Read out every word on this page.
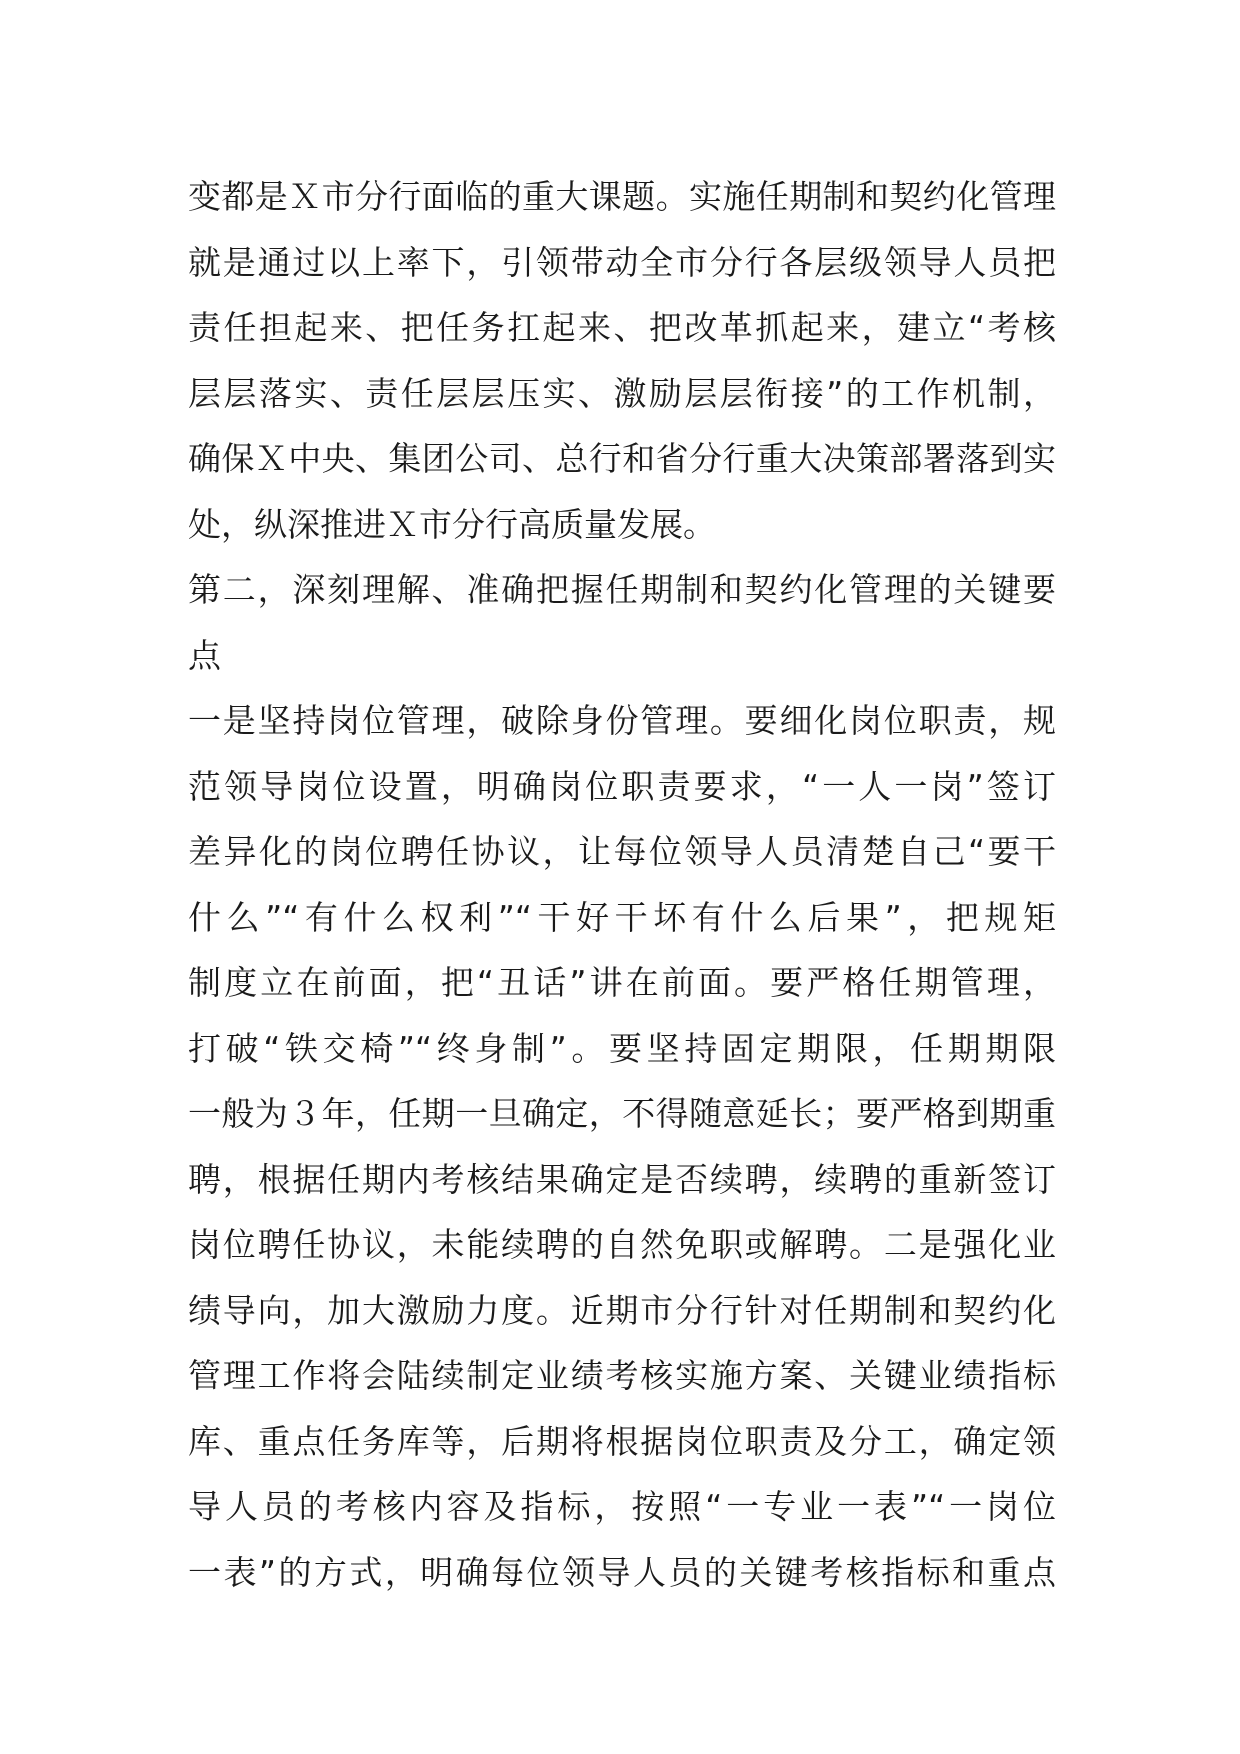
变都是Ｘ市分行面临的重大课题。实施任期制和契约化管理
就是通过以上率下，引领带动全市分行各层级领导人员把
责任担起来、把任务扛起来、把改革抓起来，建立“考核
层层落实、责任层层压实、激励层层衔接”的工作机制，
确保Ｘ中央、集团公司、总行和省分行重大决策部署落到实
处，纵深推进Ｘ市分行高质量发展。
第二，深刻理解、准确把握任期制和契约化管理的关键要
点
一是坚持岗位管理，破除身份管理。要细化岗位职责，规
范领导岗位设置，明确岗位职责要求，“一人一岗”签订
差异化的岗位聘任协议，让每位领导人员清楚自己“要干
什么”“有什么权利”“干好干坏有什么后果”，把规矩
制度立在前面，把“丑话”讲在前面。要严格任期管理，
打破“铁交椅”“终身制”。要坚持固定期限，任期期限
一般为３年，任期一旦确定，不得随意延长；要严格到期重
聘，根据任期内考核结果确定是否续聘，续聘的重新签订
岗位聘任协议，未能续聘的自然免职或解聘。二是强化业
绩导向，加大激励力度。近期市分行针对任期制和契约化
管理工作将会陆续制定业绩考核实施方案、关键业绩指标
库、重点任务库等，后期将根据岗位职责及分工，确定领
导人员的考核内容及指标，按照“一专业一表”“一岗位
一表”的方式，明确每位领导人员的关键考核指标和重点
